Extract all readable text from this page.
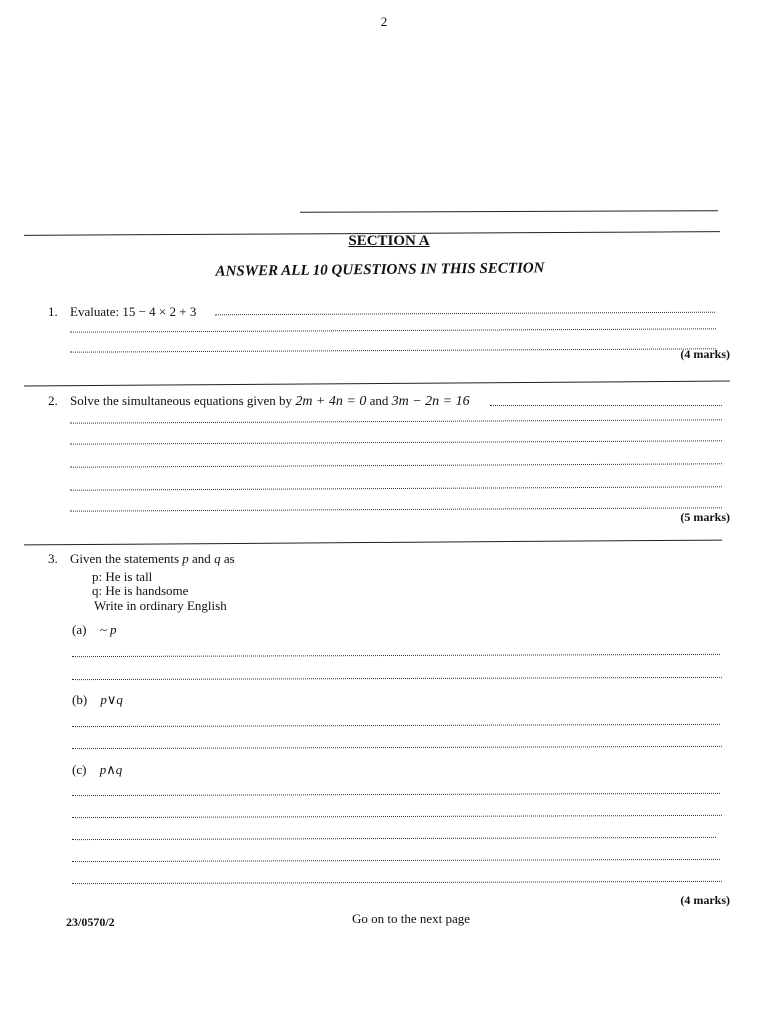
2
SECTION A
ANSWER ALL 10 QUESTIONS IN THIS SECTION
1. Evaluate: 15 − 4 × 2 + 3
(4 marks)
2. Solve the simultaneous equations given by 2m + 4n = 0 and 3m − 2n = 16
(5 marks)
3. Given the statements p and q as
p: He is tall
q: He is handsome
Write in ordinary English
(a) ~ p
(b) p∨q
(c) p∧q
(4 marks)
23/0570/2	Go on to the next page
